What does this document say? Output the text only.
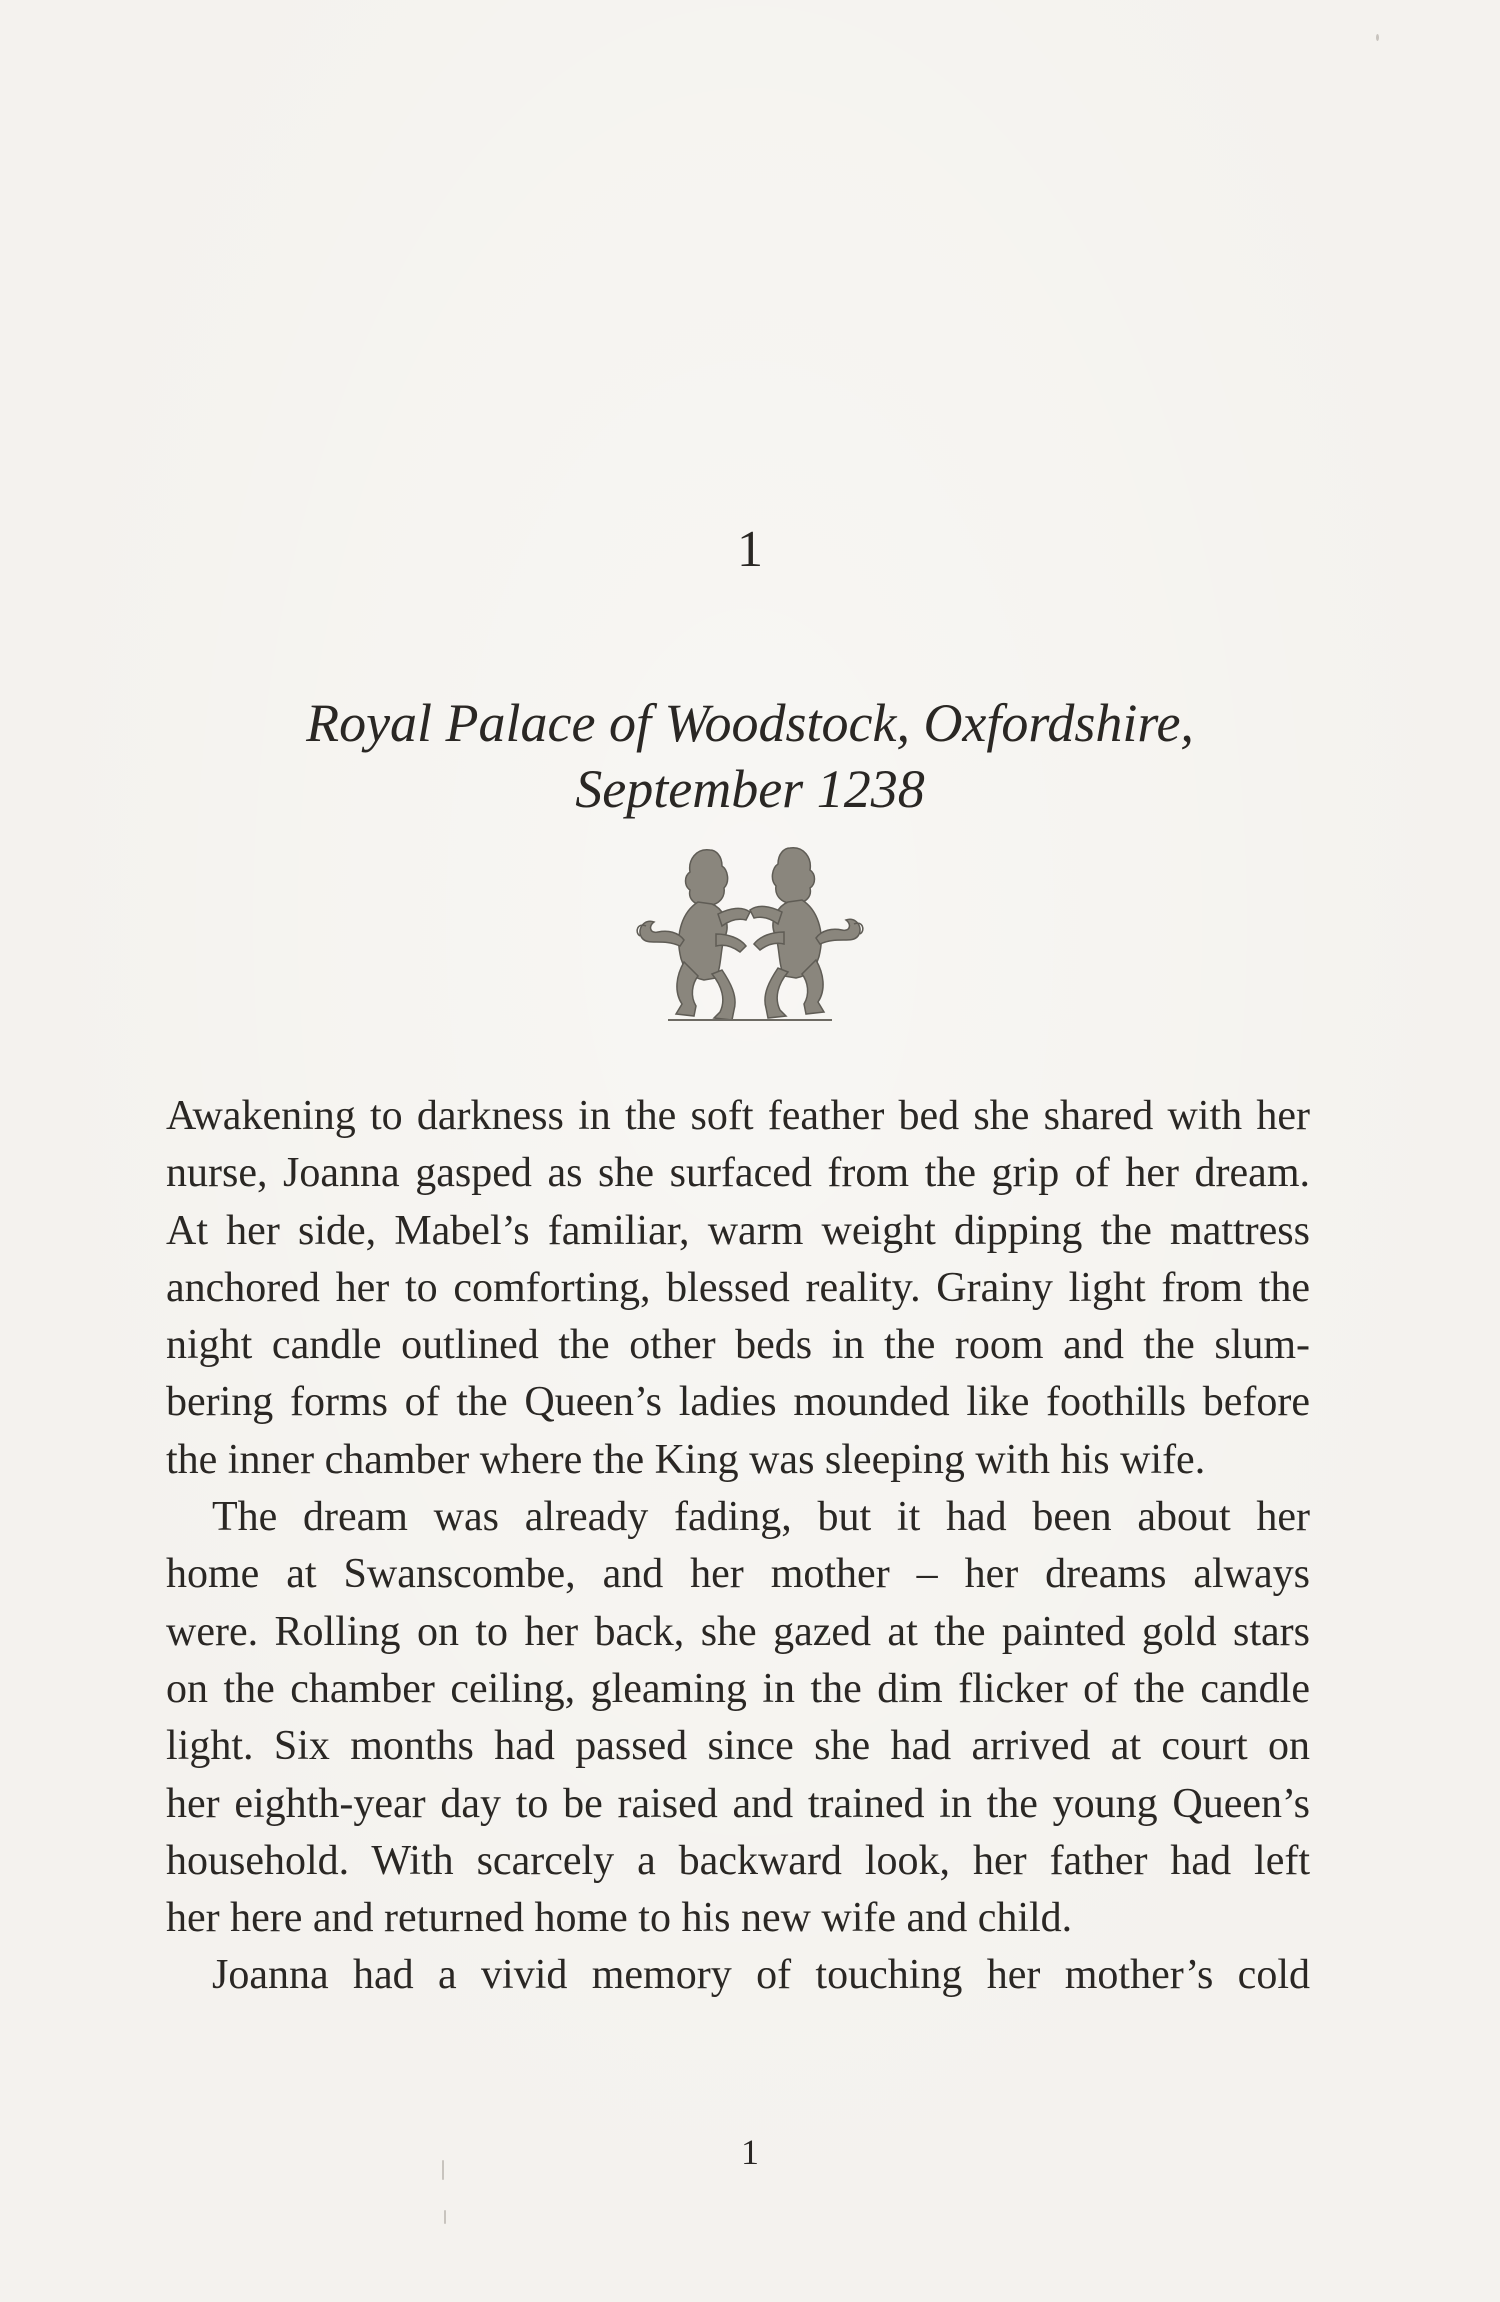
1
Royal Palace of Woodstock, Oxfordshire,
September 1238

Awakening to darkness in the soft feather bed she shared with her
nurse, Joanna gasped as she surfaced from the grip of her dream.
At her side, Mabel’s familiar, warm weight dipping the mattress
anchored her to comforting, blessed reality. Grainy light from the
night candle outlined the other beds in the room and the slum-
bering forms of the Queen’s ladies mounded like foothills before
the inner chamber where the King was sleeping with his wife.

The dream was already fading, but it had been about her
home at Swanscombe, and her mother – her dreams always
were. Rolling on to her back, she gazed at the painted gold stars
on the chamber ceiling, gleaming in the dim flicker of the candle
light. Six months had passed since she had arrived at court on
her eighth-year day to be raised and trained in the young Queen’s
household. With scarcely a backward look, her father had left
her here and returned home to his new wife and child.

Joanna had a vivid memory of touching her mother’s cold

1
